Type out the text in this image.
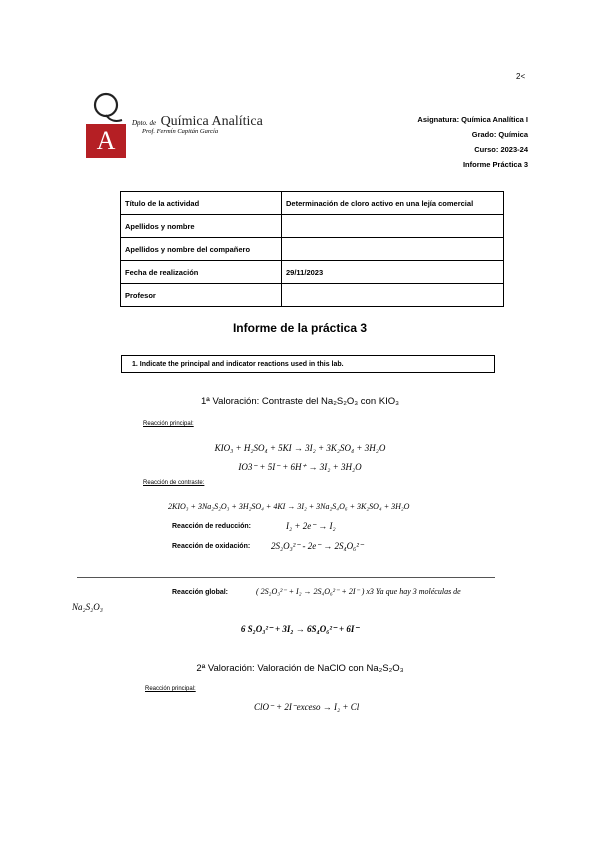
2<
A
Dpto. de Química Analítica
Prof. Fermín Capitán García
Asignatura: Química Analítica I
Grado: Química
Curso: 2023-24
Informe Práctica 3
Título de la actividad	Determinación de cloro activo en una lejía comercial
Apellidos y nombre	
Apellidos y nombre del compañero	
Fecha de realización	29/11/2023
Profesor	
Informe de la práctica 3
1. Indicate the principal and indicator reactions used in this lab.
1ª Valoración: Contraste del Na₂S₂O₃ con KIO₃
Reacción principal:
KIO₃ + H₂SO₄ + 5KI → 3I₂ + 3K₂SO₄ + 3H₂O
IO3⁻ + 5I⁻ + 6H⁺ → 3I₂ + 3H₂O
Reacción de contraste:
2KIO₃ + 3Na₂S₂O₃ + 3H₂SO₄ + 4KI → 3I₂ + 3Na₂S₄O₆ + 3K₂SO₄ + 3H₂O
Reacción de reducción:	I₂ + 2e⁻ → I₂
Reacción de oxidación: 2S₂O₃²⁻ - 2e⁻ → 2S₄O₆²⁻
Reacción global:	( 2S₂O₃²⁻ + I₂ → 2S₄O₆²⁻ + 2I⁻ ) x3 Ya que hay 3 moléculas de
Na₂S₂O₃
6 S₂O₃²⁻ + 3I₂ → 6S₄O₆²⁻ + 6I⁻
2ª Valoración: Valoración de NaClO con Na₂S₂O₃
Reacción principal:
ClO⁻ + 2I⁻exceso → I₂ + Cl
